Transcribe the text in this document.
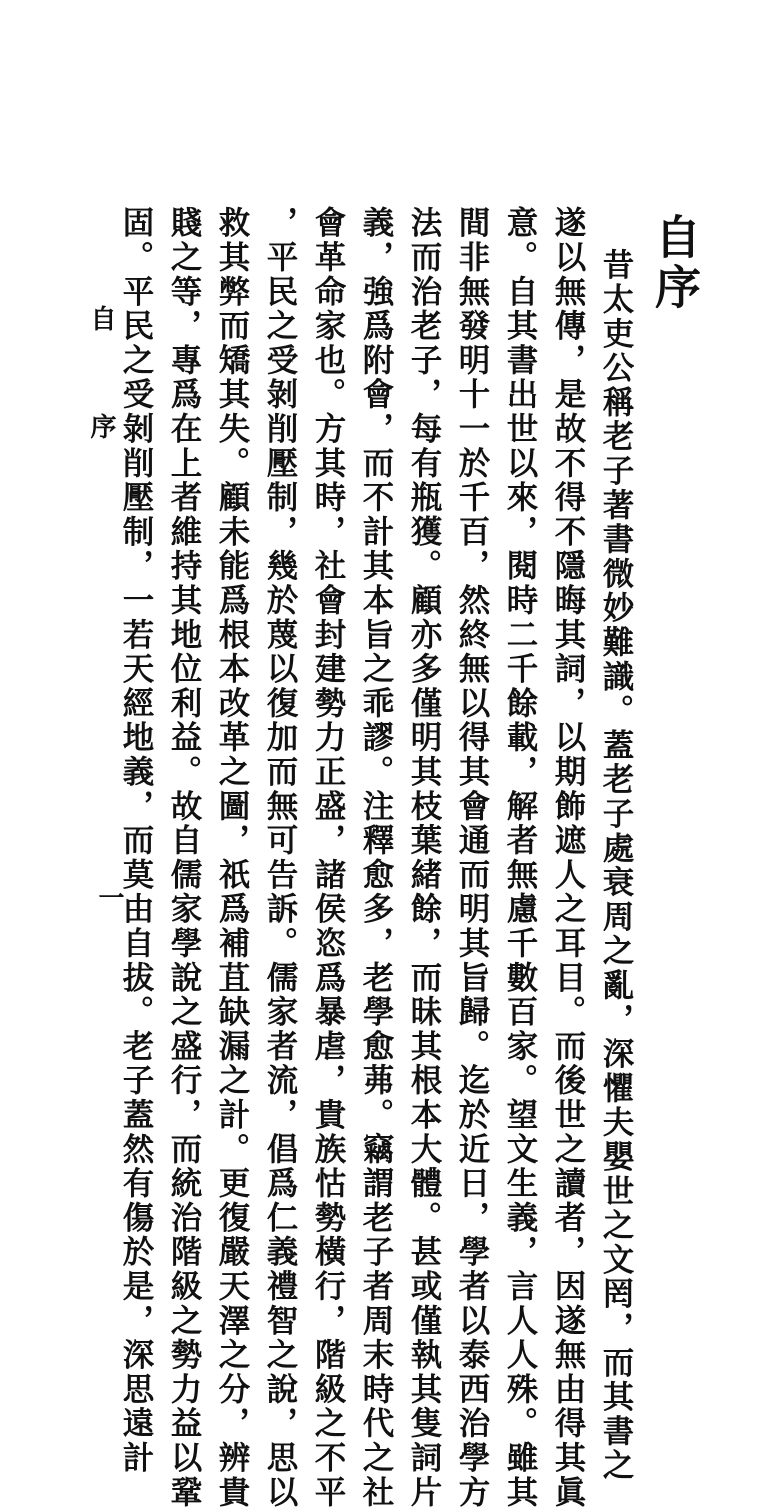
自序
昔太吏公稱老子著書微妙難識。蓋老子處衰周之亂，深懼夫嬰世之文罔，而其書之
遂以無傳，是故不得不隱晦其詞，以期飾遮人之耳目。而後世之讀者，因遂無由得其眞
意。自其書出世以來，閱時二千餘載，解者無慮千數百家。望文生義，言人人殊。雖其
間非無發明十一於千百，然終無以得其會通而明其旨歸。迄於近日，學者以泰西治學方
法而治老子，每有瓶獲。顧亦多僅明其枝葉緒餘，而昧其根本大體。甚或僅執其隻詞片
義，強爲附會，而不計其本旨之乖謬。注釋愈多，老學愈茀。竊謂老子者周末時代之社
會革命家也。方其時，社會封建勢力正盛，諸侯恣爲暴虐，貴族怙勢橫行，階級之不平
，平民之受剝削壓制，幾於蔑以復加而無可告訴。儒家者流，倡爲仁義禮智之說，思以
救其弊而矯其失。顧未能爲根本改革之圖，祇爲補苴缺漏之計。更復嚴天澤之分，辨貴
賤之等，專爲在上者維持其地位利益。故自儒家學說之盛行，而統治階級之勢力益以鞏
固。平民之受剝削壓制，一若天經地義，而莫由自拔。老子蓋然有傷於是，深思遠計
自 序
一
